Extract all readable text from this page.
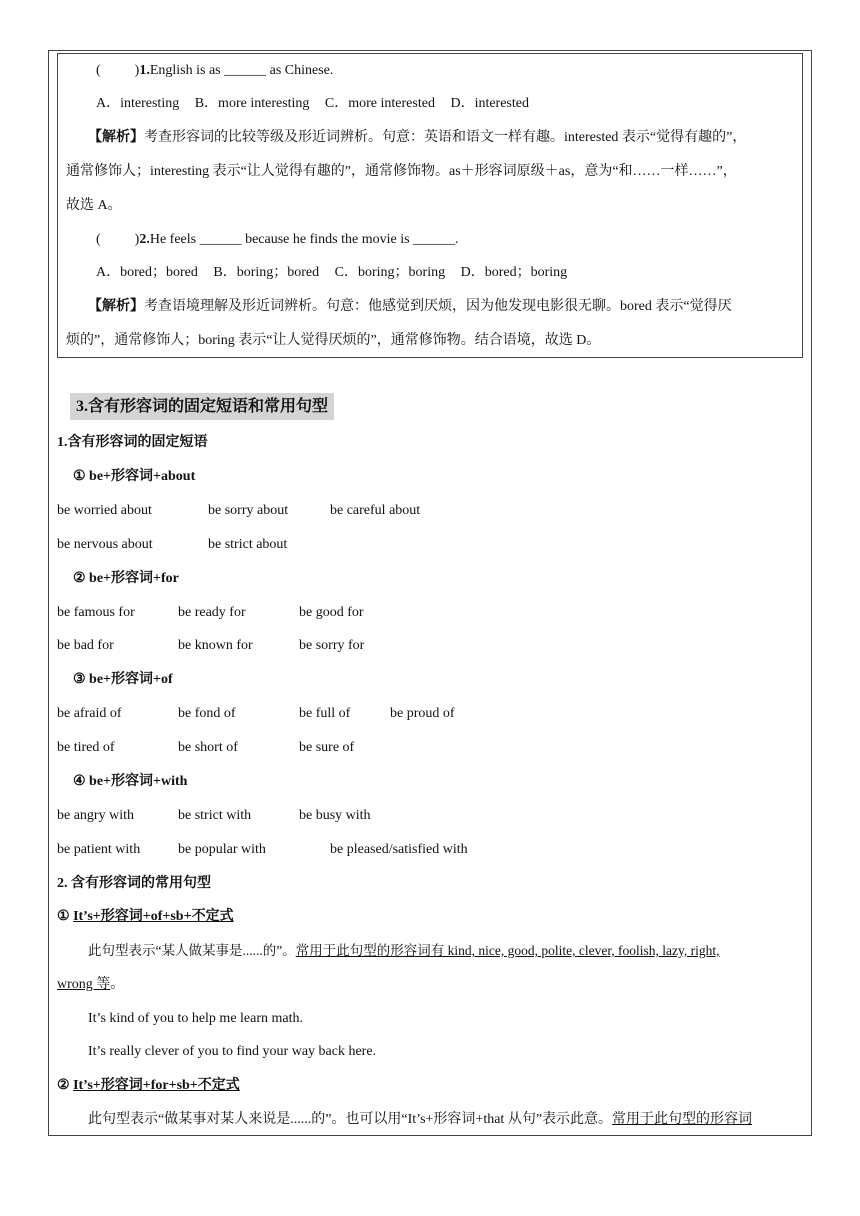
( )1.English is as ______ as Chinese.
A．interesting B．more interesting C．more interested D．interested
【解析】考查形容词的比较等级及形近词辨析。句意：英语和语文一样有趣。interested 表示“觉得有趣的”，
通常修饰人；interesting 表示“让人觉得有趣的”，通常修饰物。as＋形容词原级＋as，意为“和……一样……”，
故选 A。
( )2.He feels ______ because he finds the movie is ______.
A．bored；bored B．boring；bored C．boring；boring D．bored；boring
【解析】考查语境理解及形近词辨析。句意：他感觉到厌烦，因为他发现电影很无聊。bored 表示“觉得厌
烦的”，通常修饰人；boring 表示“让人觉得厌烦的”，通常修饰物。结合语境，故选 D。
3.含有形容词的固定短语和常用句型
1.含有形容词的固定短语
① be+形容词+about
be worried about	be sorry about	be careful about
be nervous about	be strict about
② be+形容词+for
be famous for	be ready for	be good for
be bad for	be known for	be sorry for
③ be+形容词+of
be afraid of	be fond of	be full of	be proud of
be tired of	be short of	be sure of
④ be+形容词+with
be angry with	be strict with	be busy with
be patient with	be popular with	be pleased/satisfied with
2. 含有形容词的常用句型
① It’s+形容词+of+sb+不定式
此句型表示“某人做某事是......的”。常用于此句型的形容词有 kind, nice, good, polite, clever, foolish, lazy, right,
wrong 等。
It’s kind of you to help me learn math.
It’s really clever of you to find your way back here.
② It’s+形容词+for+sb+不定式
此句型表示“做某事对某人来说是......的”。也可以用“It’s+形容词+that 从句”表示此意。常用于此句型的形容词
